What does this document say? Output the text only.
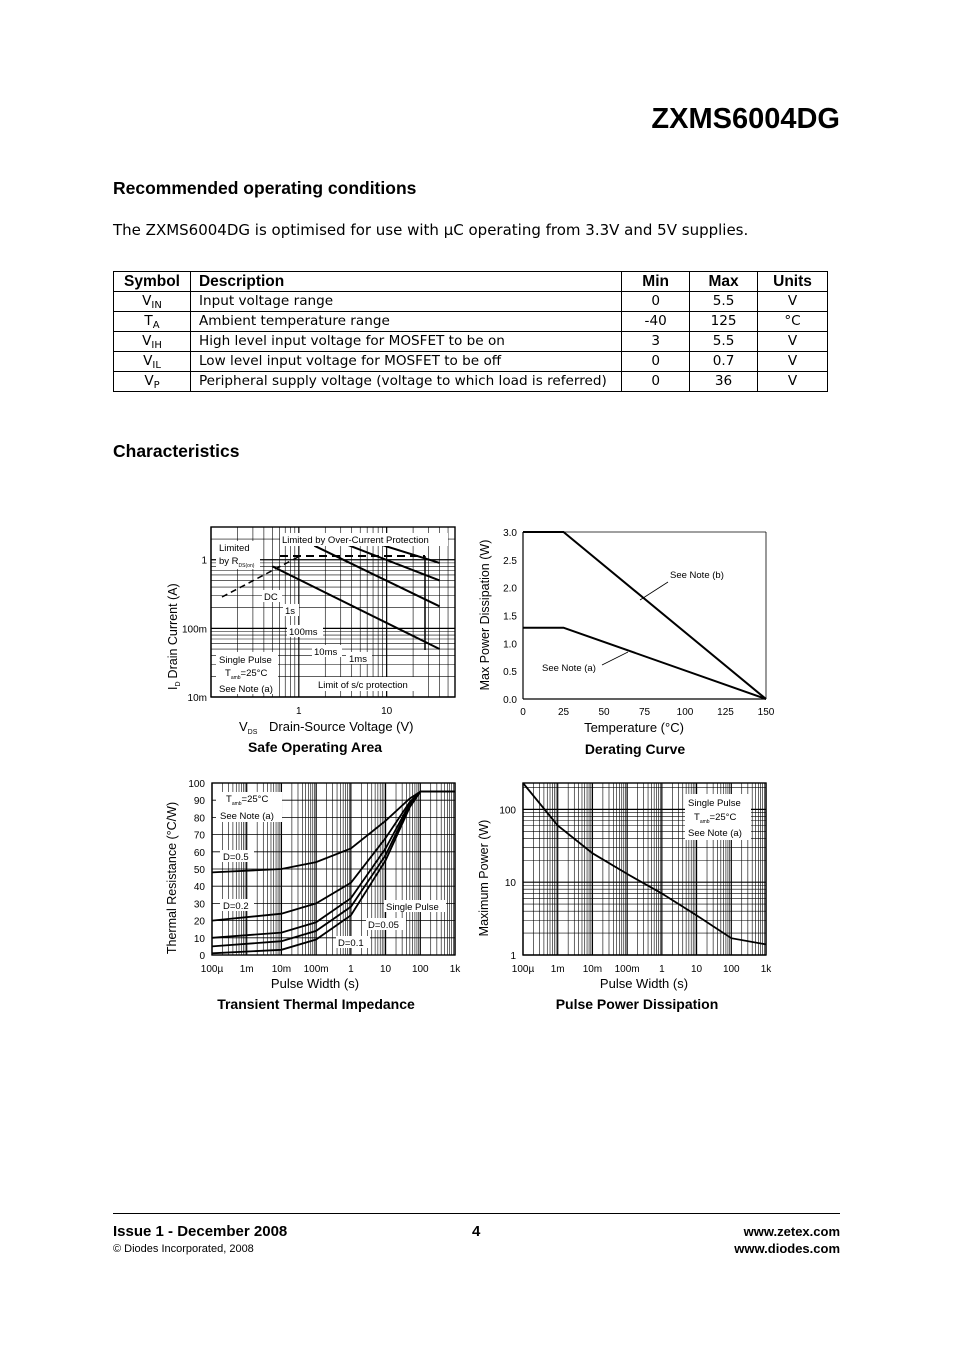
ZXMS6004DG
Recommended operating conditions
The ZXMS6004DG is optimised for use with µC operating from 3.3V and 5V supplies.
Symbol	Description	Min	Max	Units
$V_{IN}$	Input voltage range	0	5.5	V
$T_A$	Ambient temperature range	-40	125	°C
$V_{IH}$	High level input voltage for MOSFET to be on	3	5.5	V
$V_{IL}$	Low level input voltage for MOSFET to be off	0	0.7	V
$V_P$	Peripheral supply voltage (voltage to which load is referred)	0	36	V
Characteristics
Limited
by $R_{DS(on)}$
Limited by Over-Current Protection
DC
1s
100ms
10ms
1ms
Single Pulse
$T_{amb}=25^\circ C$
See Note (a)	Limit of s/c protection
1	10
10m
100m
1
$V_{DS}$ Drain-Source Voltage (V)
$I_DDrain$ Current (A)
Safe Operating Area
See Note (b)
See Note (a)
0	25	50	75	100 125 150
0.0
0.5
1.0
1.5
2.0
2.5
3.0
Temperature (°C)
Max Power Dissipation (W)
Derating Curve
$T_{amb}=25^\circ C$
See Note (a)
D=0.5
D=0.2	Single Pulse
D=0.05
D=0.1
100µ 1m 10m 100m 1	10 100 1k
0
10
20
30
40
50
60
70
80
90
100
Pulse Width (s)
Thermal Resistance (°C/W)
Transient Thermal Impedance
Single Pulse
$T_{amb}=25^\circ C$
See Note (a)
100µ 1m 10m 100m 1	10 100 1k
1
10
100
Pulse Width (s)
Maximum Power (W)
Pulse Power Dissipation
Issue 1 - December 2008
© Diodes Incorporated, 2008
4	www.zetex.com
www.diodes.com
